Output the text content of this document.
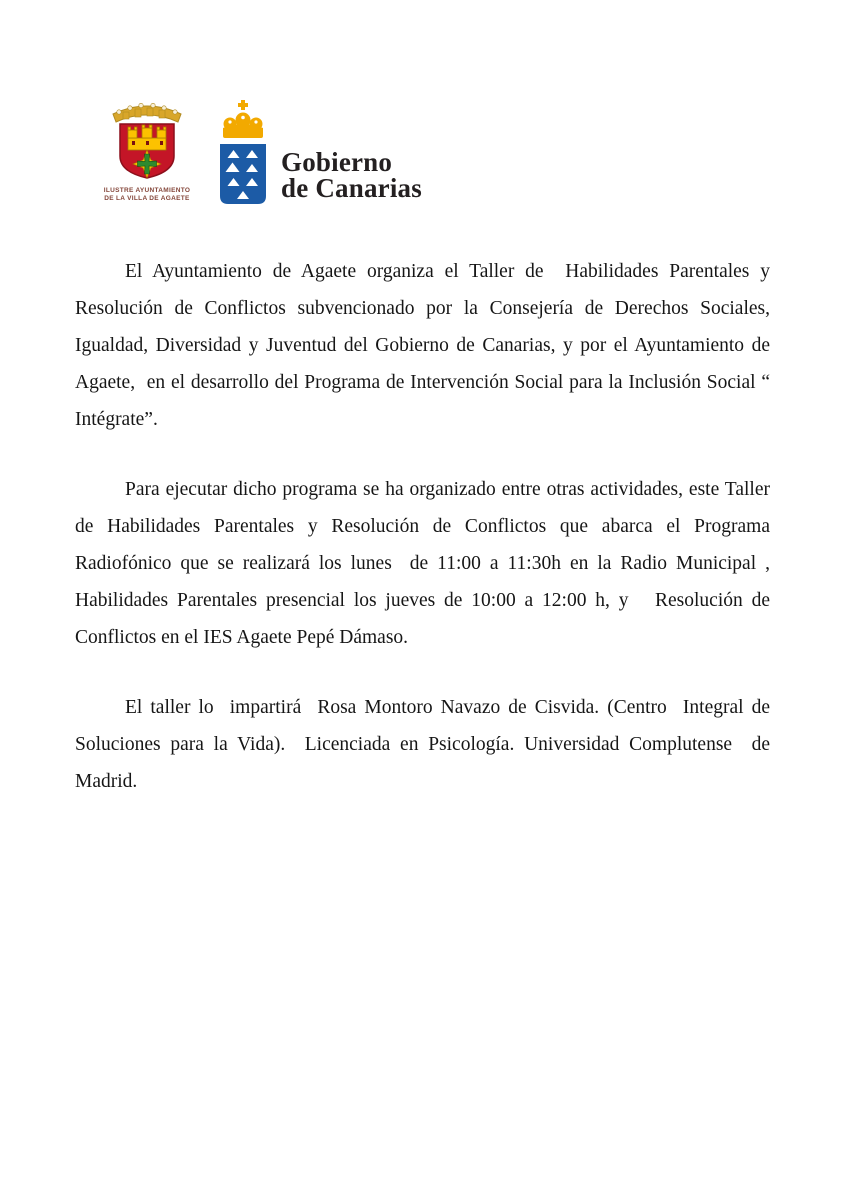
ILUSTRE AYUNTAMIENTO
DE LA VILLA DE AGAETE
Gobierno
de Canarias

El Ayuntamiento de Agaete organiza el Taller de  Habilidades Parentales y Resolución de Conflictos subvencionado por la Consejería de Derechos Sociales, Igualdad, Diversidad y Juventud del Gobierno de Canarias, y por el Ayuntamiento de Agaete,  en el desarrollo del Programa de Intervención Social para la Inclusión Social “ Intégrate”.

Para ejecutar dicho programa se ha organizado entre otras actividades, este Taller de Habilidades Parentales y Resolución de Conflictos que abarca el Programa Radiofónico que se realizará los lunes  de 11:00 a 11:30h en la Radio Municipal , Habilidades Parentales presencial los jueves de 10:00 a 12:00 h, y   Resolución de Conflictos en el IES Agaete Pepé Dámaso.

El taller lo  impartirá  Rosa Montoro Navazo de Cisvida. (Centro  Integral de Soluciones para la Vida).  Licenciada en Psicología. Universidad Complutense  de Madrid.
